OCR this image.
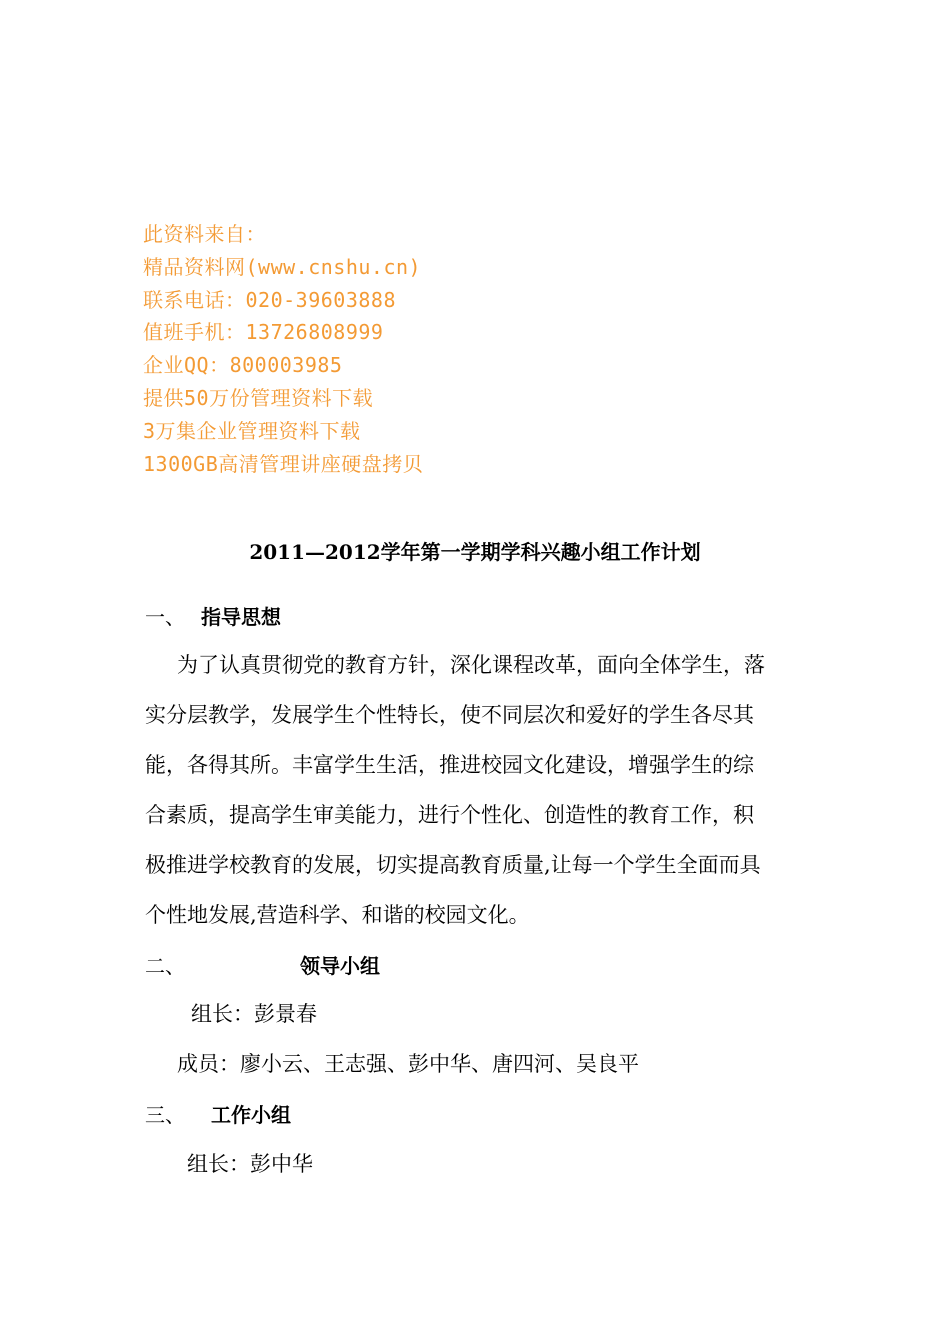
此资料来自：
精品资料网(www.cnshu.cn)
联系电话：020-39603888
值班手机：13726808999
企业QQ：800003985
提供50万份管理资料下载
3万集企业管理资料下载
1300GB高清管理讲座硬盘拷贝
2011—2012学年第一学期学科兴趣小组工作计划
一、 指导思想
为了认真贯彻党的教育方针，深化课程改革，面向全体学生，落
实分层教学，发展学生个性特长，使不同层次和爱好的学生各尽其
能，各得其所。丰富学生生活，推进校园文化建设，增强学生的综
合素质，提高学生审美能力，进行个性化、创造性的教育工作，积
极推进学校教育的发展，切实提高教育质量,让每一个学生全面而具
个性地发展,营造科学、和谐的校园文化。
二、	领导小组
组长：彭景春
成员：廖小云、王志强、彭中华、唐四河、吴良平
三、 工作小组
组长：彭中华
